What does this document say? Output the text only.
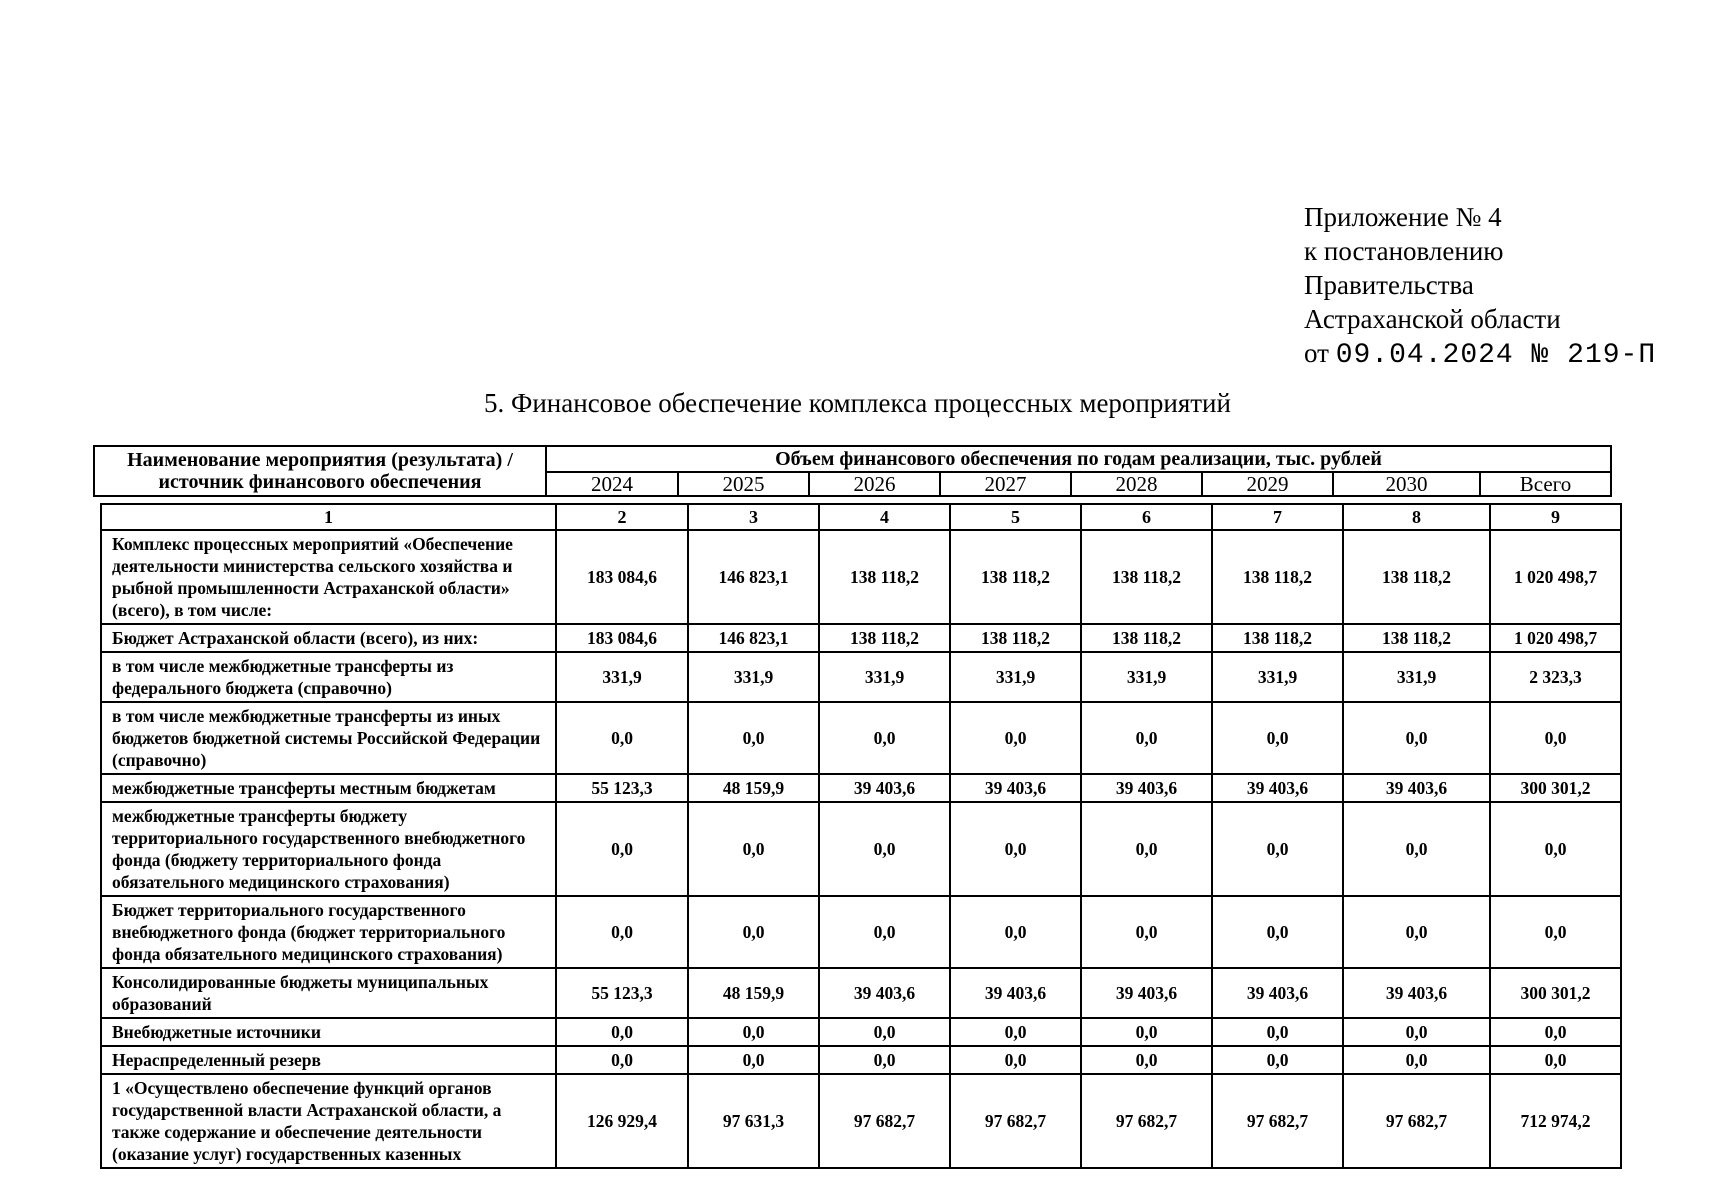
Приложение № 4
к постановлению
Правительства
Астраханской области
от 09.04.2024 № 219-П
5. Финансовое обеспечение комплекса процессных мероприятий
Наименование мероприятия (результата) / источник финансового обеспечения	Объем финансового обеспечения по годам реализации, тыс. рублей							
	2024	2025	2026	2027	2028	2029	2030	Всего
1	2	3	4	5	6	7	8	9
Комплекс процессных мероприятий «Обеспечение деятельности министерства сельского хозяйства и рыбной промышленности Астраханской области» (всего), в том числе:	183 084,6	146 823,1	138 118,2	138 118,2	138 118,2	138 118,2	138 118,2	1 020 498,7
Бюджет Астраханской области (всего), из них:	183 084,6	146 823,1	138 118,2	138 118,2	138 118,2	138 118,2	138 118,2	1 020 498,7
в том числе межбюджетные трансферты из федерального бюджета (справочно)	331,9	331,9	331,9	331,9	331,9	331,9	331,9	2 323,3
в том числе межбюджетные трансферты из иных бюджетов бюджетной системы Российской Федерации (справочно)	0,0	0,0	0,0	0,0	0,0	0,0	0,0	0,0
межбюджетные трансферты местным бюджетам	55 123,3	48 159,9	39 403,6	39 403,6	39 403,6	39 403,6	39 403,6	300 301,2
межбюджетные трансферты бюджету территориального государственного внебюджетного фонда (бюджету территориального фонда обязательного медицинского страхования)	0,0	0,0	0,0	0,0	0,0	0,0	0,0	0,0
Бюджет территориального государственного внебюджетного фонда (бюджет территориального фонда обязательного медицинского страхования)	0,0	0,0	0,0	0,0	0,0	0,0	0,0	0,0
Консолидированные бюджеты муниципальных образований	55 123,3	48 159,9	39 403,6	39 403,6	39 403,6	39 403,6	39 403,6	300 301,2
Внебюджетные источники	0,0	0,0	0,0	0,0	0,0	0,0	0,0	0,0
Нераспределенный резерв	0,0	0,0	0,0	0,0	0,0	0,0	0,0	0,0
1 «Осуществлено обеспечение функций органов государственной власти Астраханской области, а также содержание и обеспечение деятельности (оказание услуг) государственных казенных	126 929,4	97 631,3	97 682,7	97 682,7	97 682,7	97 682,7	97 682,7	712 974,2
